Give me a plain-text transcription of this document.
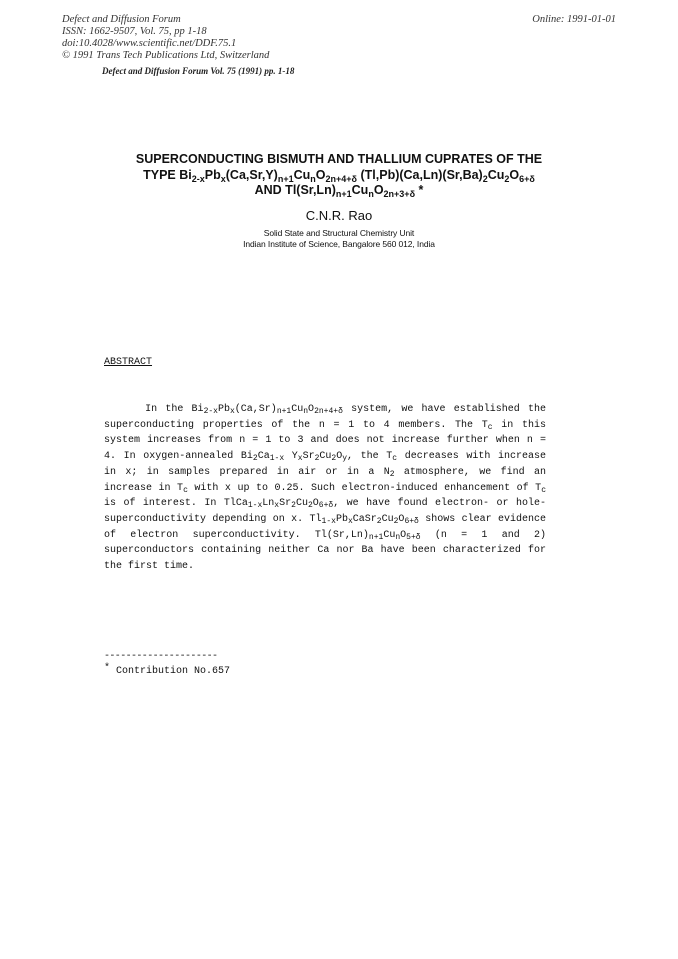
Defect and Diffusion Forum
ISSN: 1662-9507, Vol. 75, pp 1-18
doi:10.4028/www.scientific.net/DDF.75.1
© 1991 Trans Tech Publications Ltd, Switzerland
Online: 1991-01-01
Defect and Diffusion Forum Vol. 75 (1991) pp. 1-18
SUPERCONDUCTING BISMUTH AND THALLIUM CUPRATES OF THE
TYPE $Bi_{2-x}Pb_x(Ca,Sr,Y)_{n+1}Cu_nO_{2n+4+\delta}$ $(Tl,Pb)(Ca,Ln)(Sr,Ba)_2Cu_2O_{6+\delta}$
AND $Tl(Sr,Ln)_{n+1}Cu_nO_{2n+3+\delta}$ *
C.N.R. Rao
Solid State and Structural Chemistry Unit
Indian Institute of Science, Bangalore 560 012, India
ABSTRACT
In the $Bi_{2-x}Pb_x(Ca,Sr)_{n+1}Cu_nO_{2n+4+\delta}$ system, we have established the superconducting properties of the n = 1 to 4 members. The $T_c$ in this system increases from n = 1 to 3 and does not increase further when n = 4. In oxygen-annealed $Bi_2Ca_{1-x}$ $Y_xSr_2Cu_2O_y$, the $T_c$ decreases with increase in x; in samples prepared in air or in a $N_2$ atmosphere, we find an increase in $T_c$ with x up to 0.25. Such electron-induced enhancement of $T_c$ is of interest. In $TlCa_{1-x}Ln_xSr_2Cu_2O_{6+\delta}$, we have found electron- or hole-superconductivity depending on x. $Tl_{1-x}Pb_xCaSr_2Cu_2O_{6+\delta}$ shows clear evidence of electron superconductivity. $Tl(Sr,Ln)_{n+1}Cu_nO_{5+\delta}$ (n = 1 and 2) superconductors containing neither Ca nor Ba have been characterized for the first time.
---------------------
* Contribution No.657
